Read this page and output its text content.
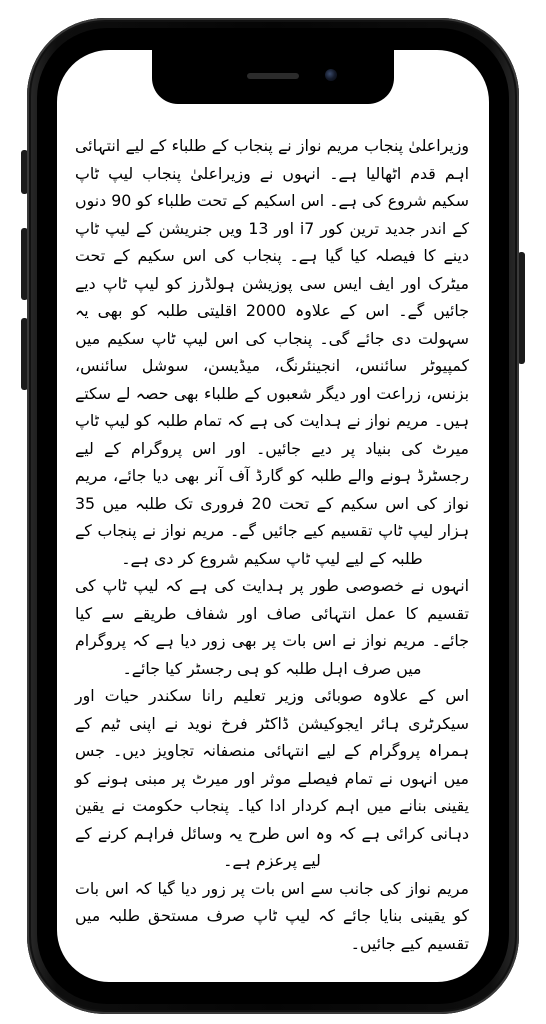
وزیراعلیٰ پنجاب مریم نواز نے پنجاب کے طلباء کے لیے انتہائی اہم قدم اٹھالیا ہے۔ انہوں نے وزیراعلیٰ پنجاب لیپ ٹاپ سکیم شروع کی ہے۔ اس اسکیم کے تحت طلباء کو 90 دنوں کے اندر جدید ترین کور i7 اور 13 ویں جنریشن کے لیپ ٹاپ دینے کا فیصلہ کیا گیا ہے۔ پنجاب کی اس سکیم کے تحت میٹرک اور ایف ایس سی پوزیشن ہولڈرز کو لیپ ٹاپ دیے جائیں گے۔ اس کے علاوہ 2000 اقلیتی طلبہ کو بھی یہ سہولت دی جائے گی۔ پنجاب کی اس لیپ ٹاپ سکیم میں کمپیوٹر سائنس، انجینئرنگ، میڈیسن، سوشل سائنس، بزنس، زراعت اور دیگر شعبوں کے طلباء بھی حصہ لے سکتے ہیں۔ مریم نواز نے ہدایت کی ہے کہ تمام طلبہ کو لیپ ٹاپ میرٹ کی بنیاد پر دیے جائیں۔ اور اس پروگرام کے لیے رجسٹرڈ ہونے والے طلبہ کو گارڈ آف آنر بھی دیا جائے، مریم نواز کی اس سکیم کے تحت 20 فروری تک طلبہ میں 35 ہزار لیپ ٹاپ تقسیم کیے جائیں گے۔ مریم نواز نے پنجاب کے طلبہ کے لیے لیپ ٹاپ سکیم شروع کر دی ہے۔

انہوں نے خصوصی طور پر ہدایت کی ہے کہ لیپ ٹاپ کی تقسیم کا عمل انتہائی صاف اور شفاف طریقے سے کیا جائے۔ مریم نواز نے اس بات پر بھی زور دیا ہے کہ پروگرام میں صرف اہل طلبہ کو ہی رجسٹر کیا جائے۔

اس کے علاوہ صوبائی وزیر تعلیم رانا سکندر حیات اور سیکرٹری ہائر ایجوکیشن ڈاکٹر فرخ نوید نے اپنی ٹیم کے ہمراہ پروگرام کے لیے انتہائی منصفانہ تجاویز دیں۔ جس میں انہوں نے تمام فیصلے موثر اور میرٹ پر مبنی ہونے کو یقینی بنانے میں اہم کردار ادا کیا۔ پنجاب حکومت نے یقین دہانی کرائی ہے کہ وہ اس طرح یہ وسائل فراہم کرنے کے لیے پرعزم ہے۔

مریم نواز کی جانب سے اس بات پر زور دیا گیا کہ اس بات کو یقینی بنایا جائے کہ لیپ ٹاپ صرف مستحق طلبہ میں تقسیم کیے جائیں۔
